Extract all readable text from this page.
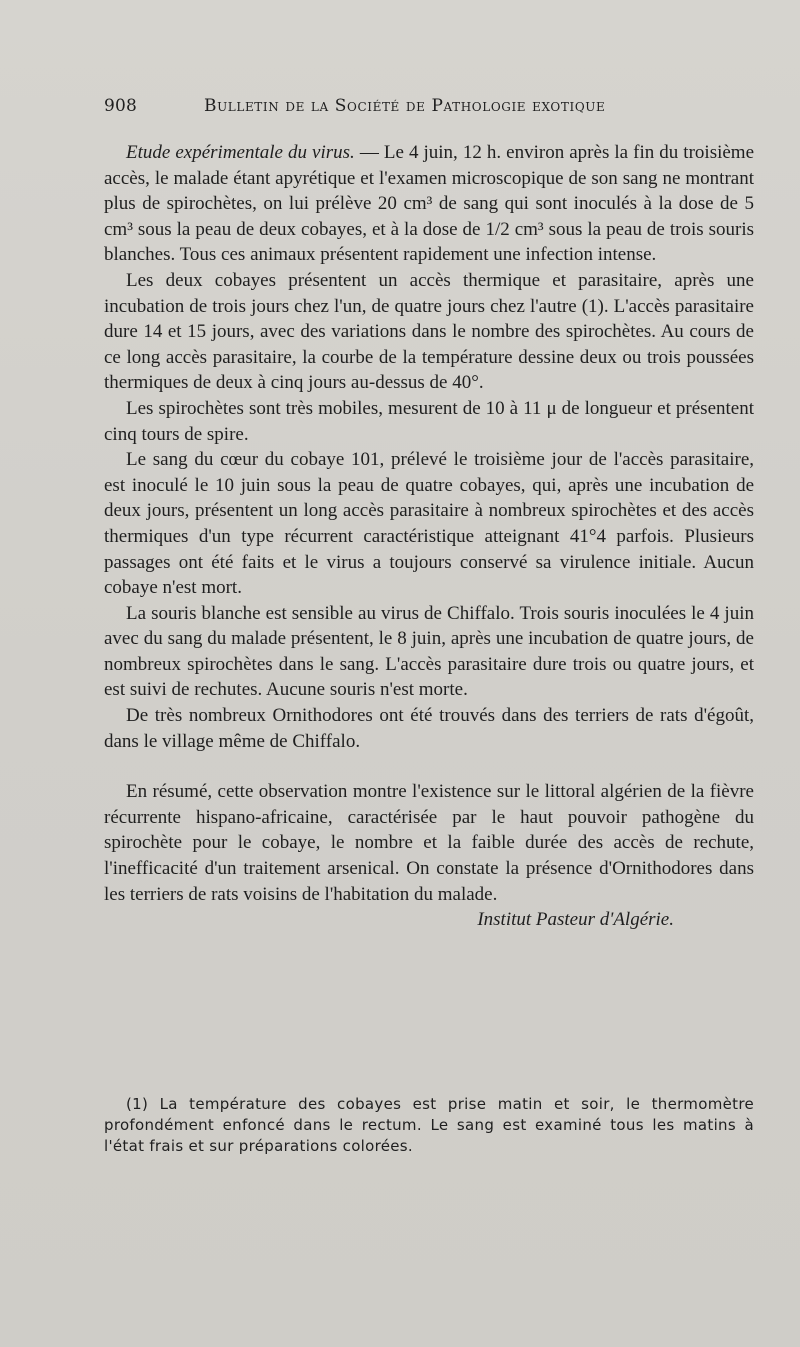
908	Bulletin de la Société de Pathologie exotique

Etude expérimentale du virus. — Le 4 juin, 12 h. environ après la fin du troisième accès, le malade étant apyrétique et l'examen microscopique de son sang ne montrant plus de spirochètes, on lui prélève 20 cm³ de sang qui sont inoculés à la dose de 5 cm³ sous la peau de deux cobayes, et à la dose de 1/2 cm³ sous la peau de trois souris blanches. Tous ces animaux présentent rapidement une infection intense.

Les deux cobayes présentent un accès thermique et parasitaire, après une incubation de trois jours chez l'un, de quatre jours chez l'autre (1). L'accès parasitaire dure 14 et 15 jours, avec des variations dans le nombre des spirochètes. Au cours de ce long accès parasitaire, la courbe de la température dessine deux ou trois poussées thermiques de deux à cinq jours au-dessus de 40°.

Les spirochètes sont très mobiles, mesurent de 10 à 11 μ de longueur et présentent cinq tours de spire.

Le sang du cœur du cobaye 101, prélevé le troisième jour de l'accès parasitaire, est inoculé le 10 juin sous la peau de quatre cobayes, qui, après une incubation de deux jours, présentent un long accès parasitaire à nombreux spirochètes et des accès thermiques d'un type récurrent caractéristique atteignant 41°4 parfois. Plusieurs passages ont été faits et le virus a toujours conservé sa virulence initiale. Aucun cobaye n'est mort.

La souris blanche est sensible au virus de Chiffalo. Trois souris inoculées le 4 juin avec du sang du malade présentent, le 8 juin, après une incubation de quatre jours, de nombreux spirochètes dans le sang. L'accès parasitaire dure trois ou quatre jours, et est suivi de rechutes. Aucune souris n'est morte.

De très nombreux Ornithodores ont été trouvés dans des terriers de rats d'égoût, dans le village même de Chiffalo.

En résumé, cette observation montre l'existence sur le littoral algérien de la fièvre récurrente hispano-africaine, caractérisée par le haut pouvoir pathogène du spirochète pour le cobaye, le nombre et la faible durée des accès de rechute, l'inefficacité d'un traitement arsenical. On constate la présence d'Ornithodores dans les terriers de rats voisins de l'habitation du malade.

Institut Pasteur d'Algérie.

(1) La température des cobayes est prise matin et soir, le thermomètre profondément enfoncé dans le rectum. Le sang est examiné tous les matins à l'état frais et sur préparations colorées.
